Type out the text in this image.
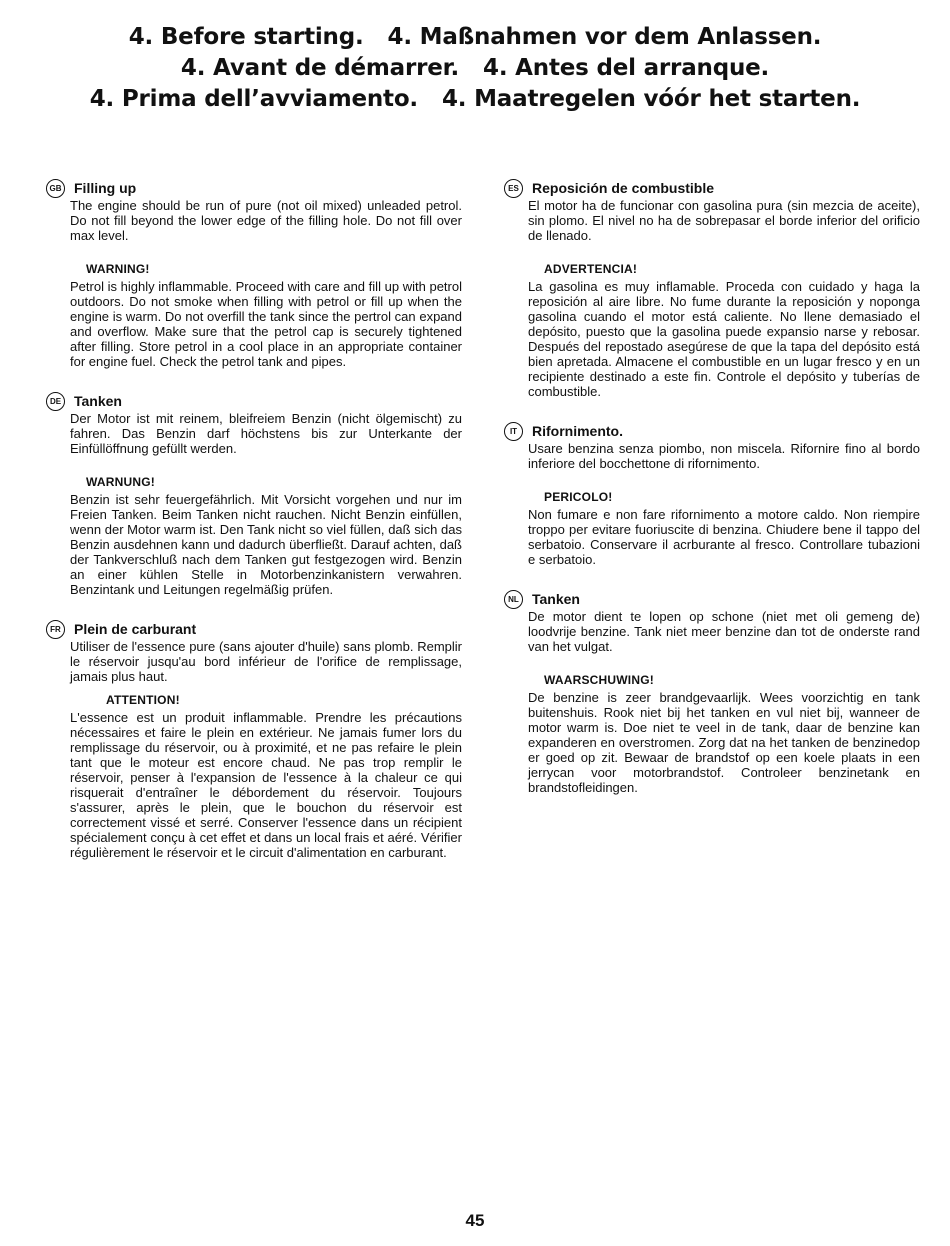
4. Before starting. 4. Maßnahmen vor dem Anlassen.
4. Avant de démarrer. 4. Antes del arranque.
4. Prima dell’avviamento. 4. Maatregelen vóór het starten.
GB Filling up

The engine should be run of pure (not oil mixed) unleaded petrol. Do not fill beyond the lower edge of the filling hole. Do not fill over max level.

WARNING!

Petrol is highly inflammable. Proceed with care and fill up with petrol outdoors. Do not smoke when filling with petrol or fill up when the engine is warm. Do not overfill the tank since the pertrol can expand and overflow. Make sure that the petrol cap is securely tightened after filling. Store petrol in a cool place in an appropriate container for engine fuel. Check the petrol tank and pipes.

DE Tanken

Der Motor ist mit reinem, bleifreiem Benzin (nicht ölgemischt) zu fahren. Das Benzin darf höchstens bis zur Unterkante der Einfüllöffnung gefüllt werden.

WARNUNG!

Benzin ist sehr feuergefährlich. Mit Vorsicht vorgehen und nur im Freien Tanken. Beim Tanken nicht rauchen. Nicht Benzin einfüllen, wenn der Motor warm ist. Den Tank nicht so viel füllen, daß sich das Benzin ausdehnen kann und dadurch überfließt. Darauf achten, daß der Tankverschluß nach dem Tanken gut festgezogen wird. Benzin an einer kühlen Stelle in Motorbenzinkanistern verwahren. Benzintank und Leitungen regelmäßig prüfen.

FR Plein de carburant

Utiliser de l'essence pure (sans ajouter d'huile) sans plomb. Remplir le réservoir jusqu'au bord inférieur de l'orifice de remplissage, jamais plus haut.

ATTENTION!

L'essence est un produit inflammable. Prendre les précautions nécessaires et faire le plein en extérieur. Ne jamais fumer lors du remplissage du réservoir, ou à proximité, et ne pas refaire le plein tant que le moteur est encore chaud. Ne pas trop remplir le réservoir, penser à l'expansion de l'essence à la chaleur ce qui risquerait d'entraîner le débordement du réservoir. Toujours s'assurer, après le plein, que le bouchon du réservoir est correctement vissé et serré. Conserver l'essence dans un récipient spécialement conçu à cet effet et dans un local frais et aéré. Vérifier régulièrement le réservoir et le circuit d'alimentation en carburant.

ES Reposición de combustible

El motor ha de funcionar con gasolina pura (sin mezcia de aceite), sin plomo. El nivel no ha de sobrepasar el borde inferior del orificio de llenado.

ADVERTENCIA!

La gasolina es muy inflamable. Proceda con cuidado y haga la reposición al aire libre. No fume durante la reposición y noponga gasolina cuando el motor está caliente. No llene demasiado el depósito, puesto que la gasolina puede expansio narse y rebosar. Después del repostado asegúrese de que la tapa del depósito está bien apretada. Almacene el combustible en un lugar fresco y en un recipiente destinado a este fin. Controle el depósito y tuberías de combustible.

IT	Rifornimento.

Usare benzina senza piombo, non miscela. Rifornire fino al bordo inferiore del bocchettone di rifornimento.

PERICOLO!

Non fumare e non fare rifornimento a motore caldo. Non riempire troppo per evitare fuoriuscite di benzina. Chiudere bene il tappo del serbatoio. Conservare il acrburante al fresco. Controllare tubazioni e serbatoio.

NL Tanken

De motor dient te lopen op schone (niet met oli gemeng de) loodvrije benzine. Tank niet meer benzine dan tot de onderste rand van het vulgat.

WAARSCHUWING!

De benzine is zeer brandgevaarlijk. Wees voorzichtig en tank buitenshuis. Rook niet bij het tanken en vul niet bij, wanneer de motor warm is. Doe niet te veel in de tank, daar de benzine kan expanderen en overstromen. Zorg dat na het tanken de benzinedop er goed op zit. Bewaar de brandstof op een koele plaats in een jerrycan voor motorbrandstof. Controleer benzinetank en brandstofleidingen.

45
